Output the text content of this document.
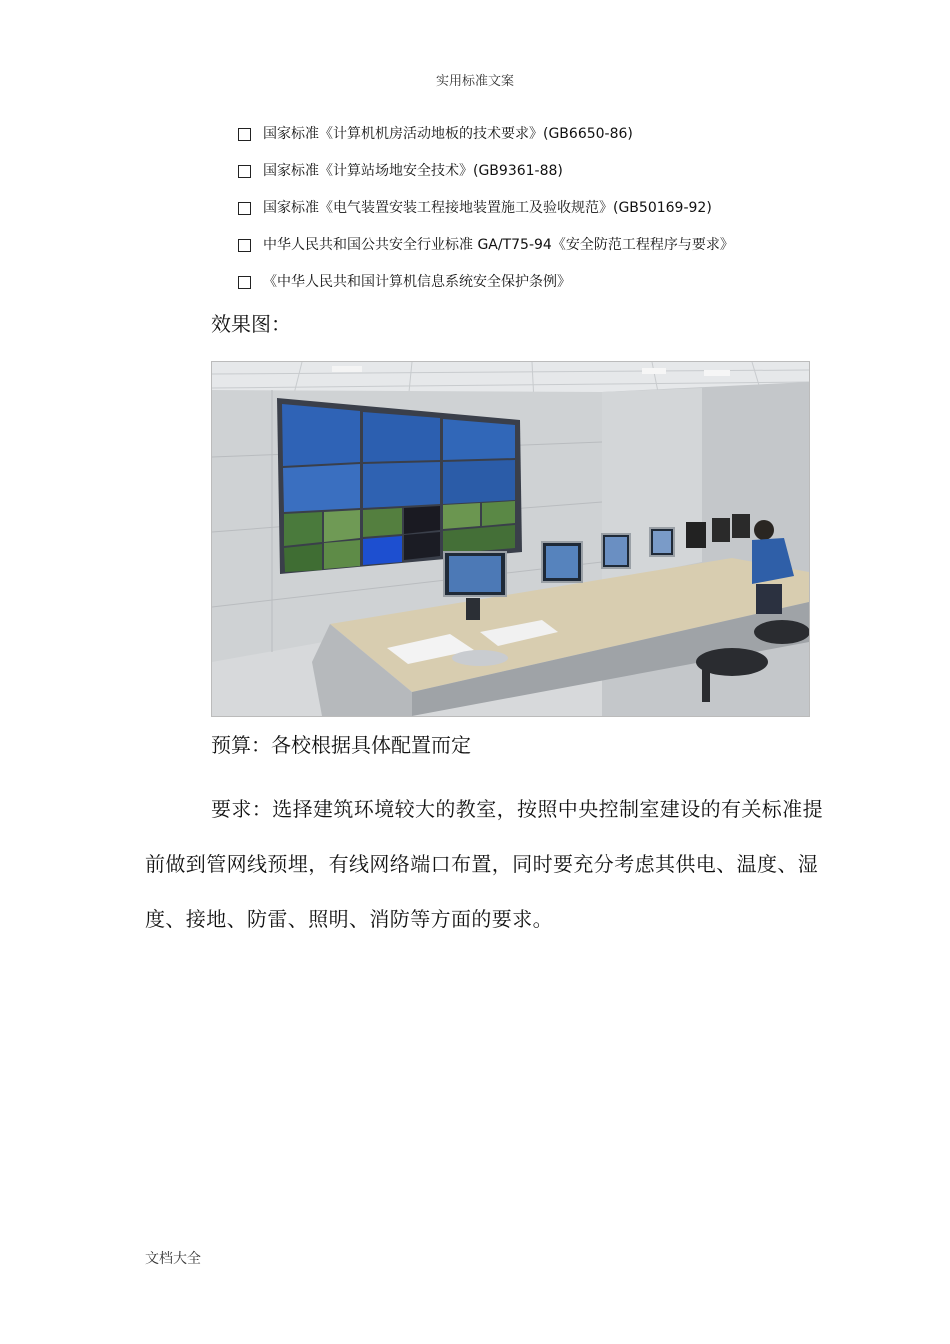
实用标准文案
国家标准《计算机机房活动地板的技术要求》(GB6650-86)
国家标准《计算站场地安全技术》(GB9361-88)
国家标准《电气装置安装工程接地装置施工及验收规范》(GB50169-92)
中华人民共和国公共安全行业标准 GA/T75-94《安全防范工程程序与要求》
《中华人民共和国计算机信息系统安全保护条例》
效果图：
预算：各校根据具体配置而定
要求：选择建筑环境较大的教室，按照中央控制室建设的有关标准提前做到管网线预埋，有线网络端口布置，同时要充分考虑其供电、温度、湿度、接地、防雷、照明、消防等方面的要求。
文档大全
